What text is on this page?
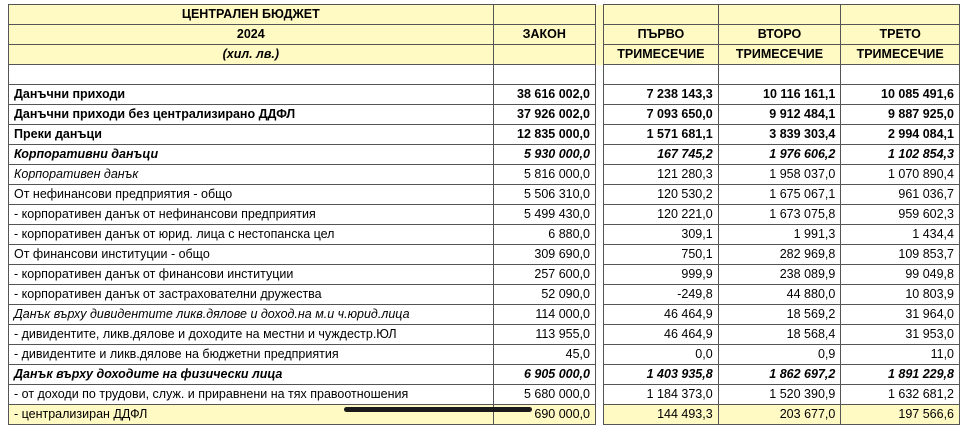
ЦЕНТРАЛЕН БЮДЖЕТ					
2024	ЗАКОН		ПЪРВО	ВТОРО	ТРЕТО
(хил. лв.)			ТРИМЕСЕЧИЕ	ТРИМЕСЕЧИЕ	ТРИМЕСЕЧИЕ

Данъчни приходи	38 616 002,0		7 238 143,3	10 116 161,1	10 085 491,6
Данъчни приходи без централизирано ДДФЛ	37 926 002,0		7 093 650,0	9 912 484,1	9 887 925,0
Преки данъци	12 835 000,0		1 571 681,1	3 839 303,4	2 994 084,1
Корпоративни данъци	5 930 000,0		167 745,2	1 976 606,2	1 102 854,3
Корпоративен данък	5 816 000,0		121 280,3	1 958 037,0	1 070 890,4
От нефинансови предприятия - общо	5 506 310,0		120 530,2	1 675 067,1	961 036,7
- корпоративен данък от нефинансови предприятия	5 499 430,0		120 221,0	1 673 075,8	959 602,3
- корпоративен данък от юрид. лица с нестопанска цел	6 880,0		309,1	1 991,3	1 434,4
От финансови институции - общо	309 690,0		750,1	282 969,8	109 853,7
- корпоративен данък от финансови институции	257 600,0		999,9	238 089,9	99 049,8
- корпоративен данък от застрахователни дружества	52 090,0		-249,8	44 880,0	10 803,9
Данък върху дивидентите ликв.дялове и доход.на м.и ч.юрид.лица	114 000,0		46 464,9	18 569,2	31 964,0
- дивидентите, ликв.дялове и доходите на местни и чуждестр.ЮЛ	113 955,0		46 464,9	18 568,4	31 953,0
- дивидентите и ликв.дялове на бюджетни предприятия	45,0		0,0	0,9	11,0
Данък върху доходите на физически лица	6 905 000,0		1 403 935,8	1 862 697,2	1 891 229,8
- от доходи по трудови, служ. и приравнени на тях правоотношения	5 680 000,0		1 184 373,0	1 520 390,9	1 632 681,2
- централизиран ДДФЛ	690 000,0		144 493,3	203 677,0	197 566,6
